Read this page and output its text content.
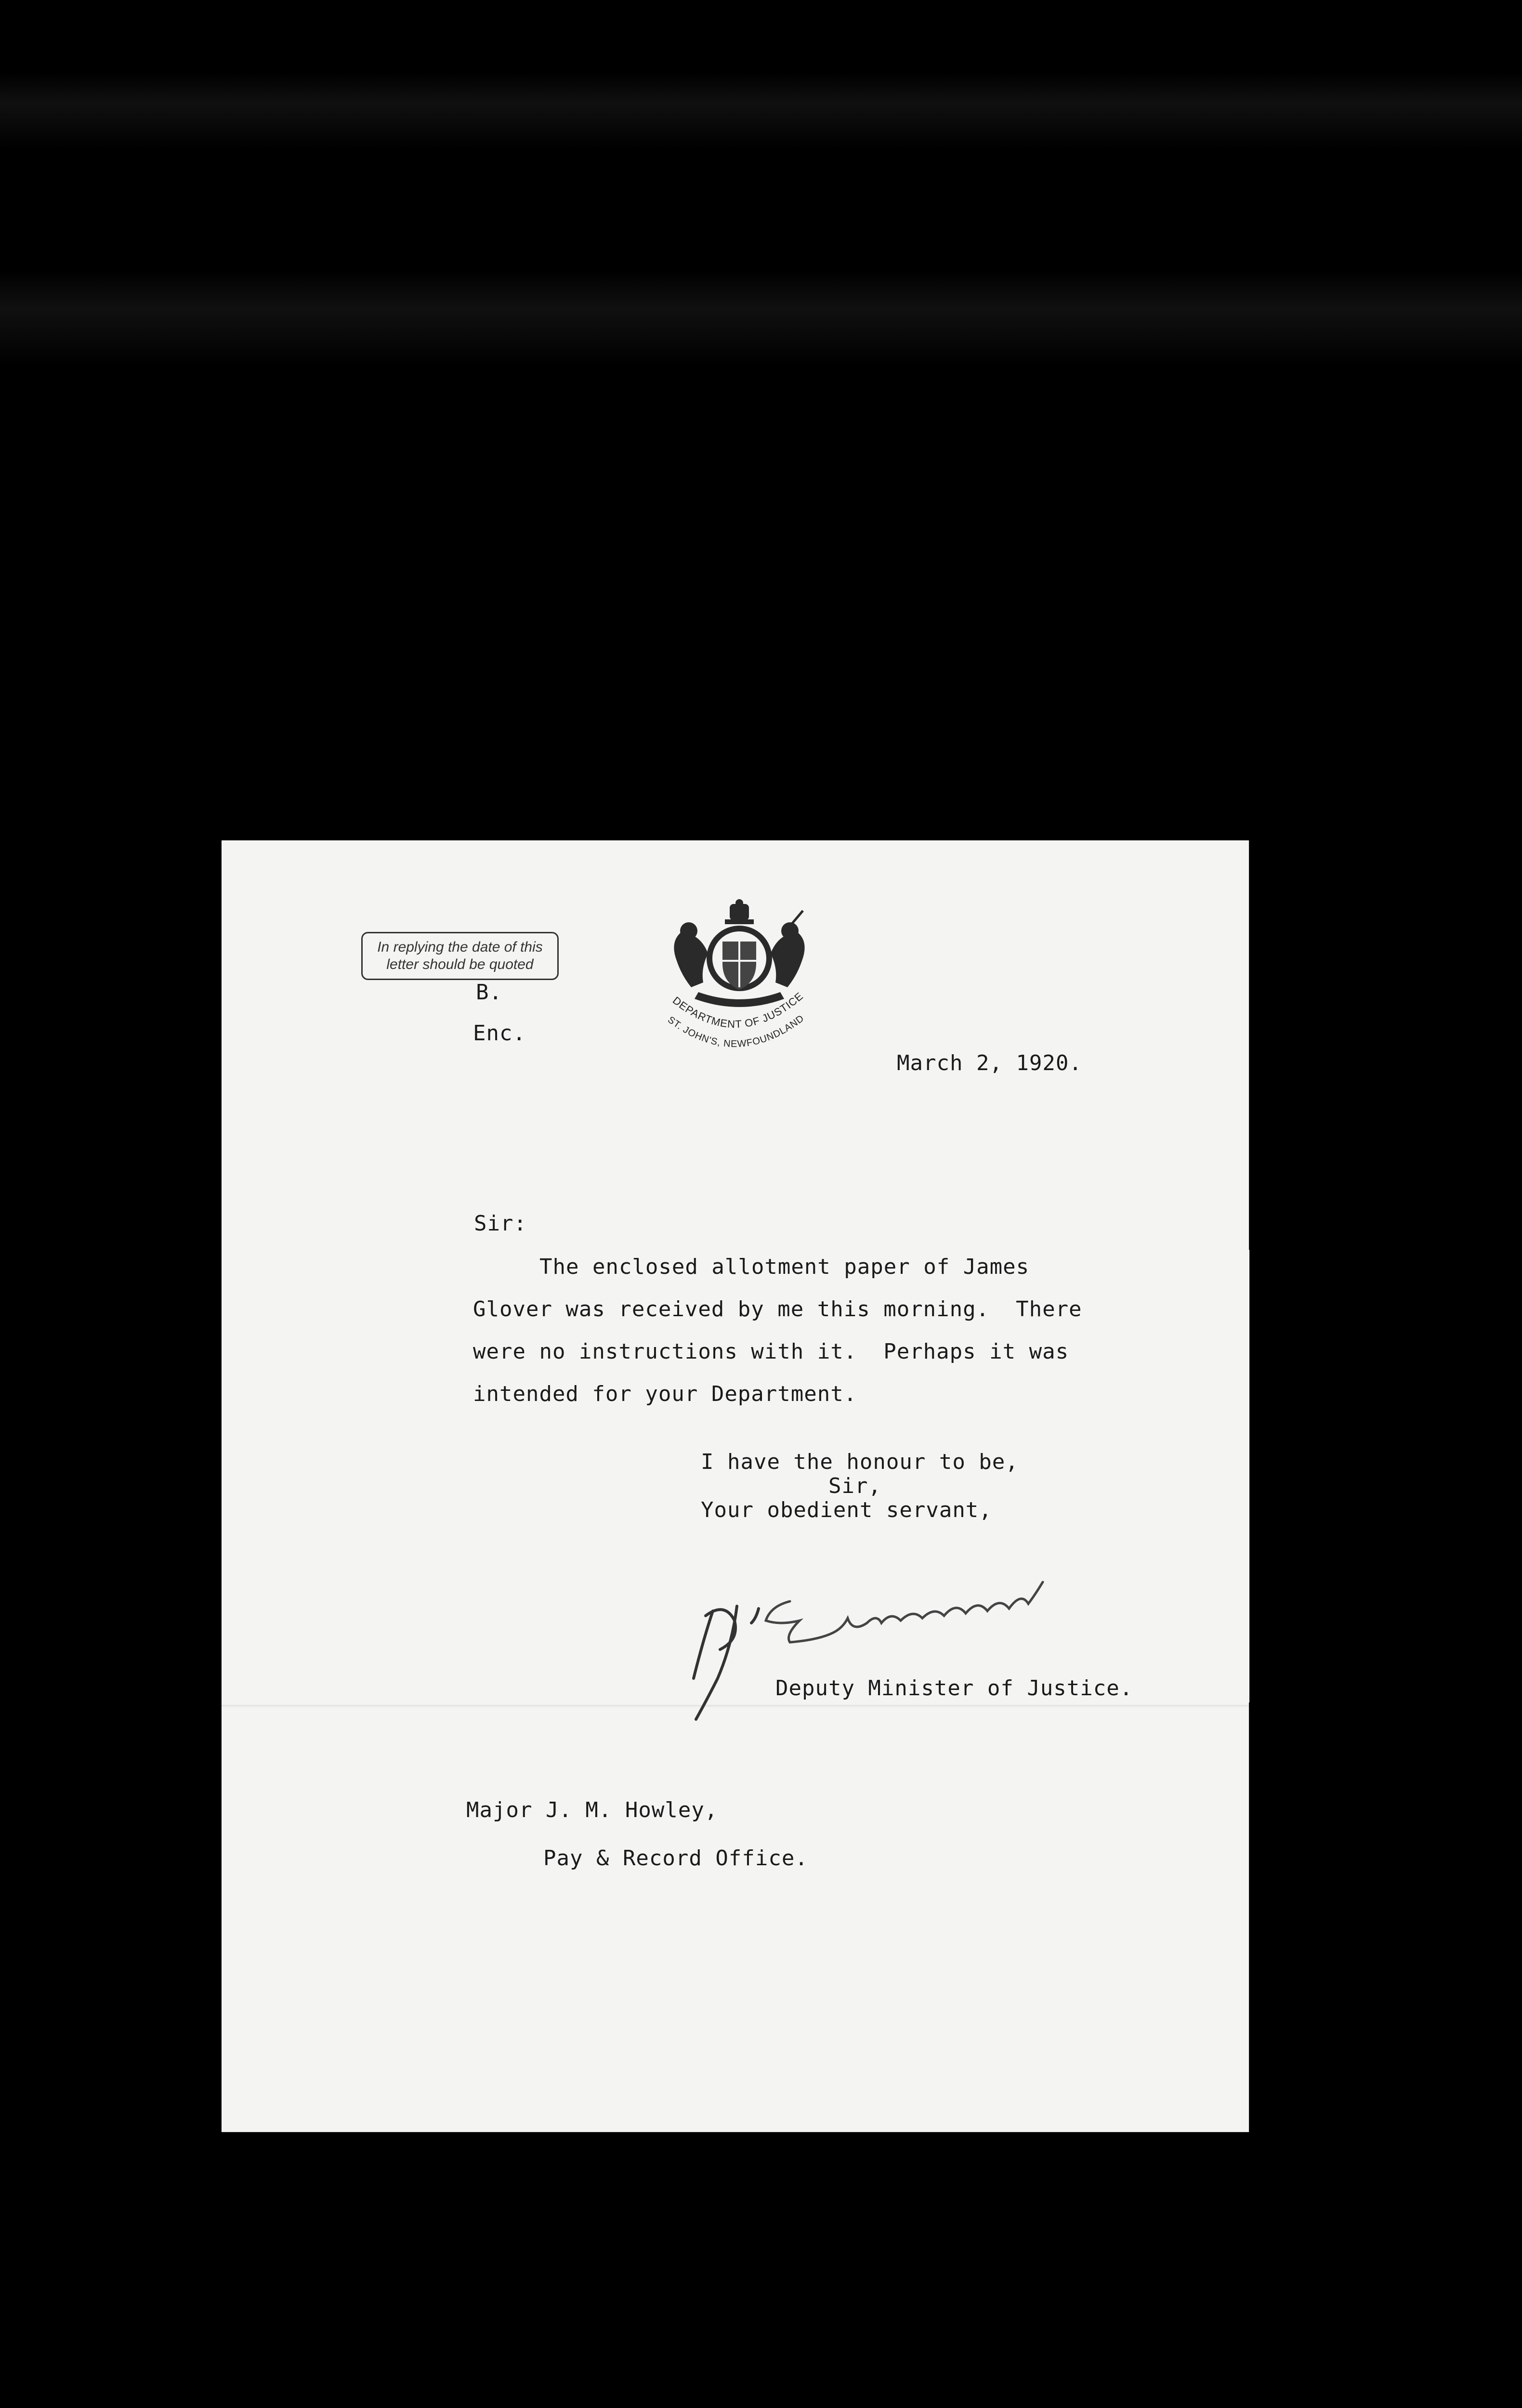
In replying the date of this
letter should be quoted
DEPARTMENT OF JUSTICE
ST. JOHN'S, NEWFOUNDLAND
B.
Enc.
March 2, 1920.
Sir:
The enclosed allotment paper of James
Glover was received by me this morning.  There
were no instructions with it.  Perhaps it was
intended for your Department.
I have the honour to be,
Sir,
Your obedient servant,
Deputy Minister of Justice.
Major J. M. Howley,
Pay & Record Office.
